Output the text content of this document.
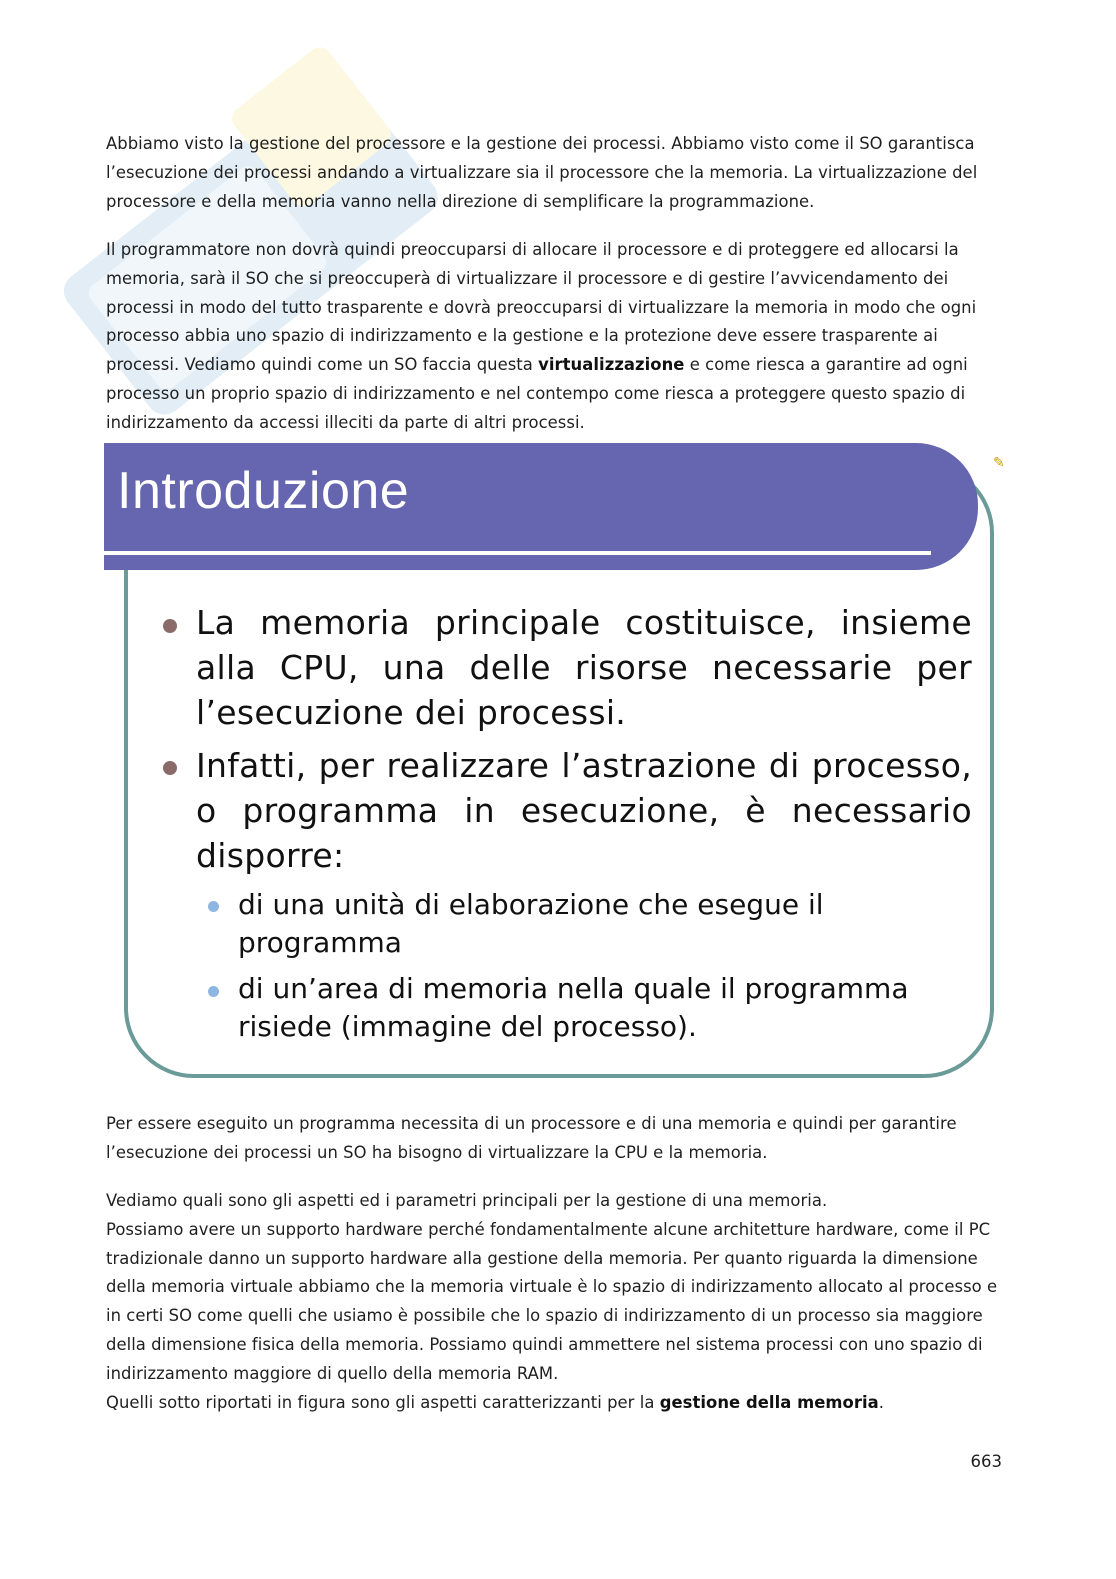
Abbiamo visto la gestione del processore e la gestione dei processi. Abbiamo visto come il SO garantisca l’esecuzione dei processi andando a virtualizzare sia il processore che la memoria. La virtualizzazione del processore e della memoria vanno nella direzione di semplificare la programmazione.

Il programmatore non dovrà quindi preoccuparsi di allocare il processore e di proteggere ed allocarsi la memoria, sarà il SO che si preoccuperà di virtualizzare il processore e di gestire l’avvicendamento dei processi in modo del tutto trasparente e dovrà preoccuparsi di virtualizzare la memoria in modo che ogni processo abbia uno spazio di indirizzamento e la gestione e la protezione deve essere trasparente ai processi. Vediamo quindi come un SO faccia questa virtualizzazione e come riesca a garantire ad ogni processo un proprio spazio di indirizzamento e nel contempo come riesca a proteggere questo spazio di indirizzamento da accessi illeciti da parte di altri processi.

Introduzione	✎
La memoria principale costituisce, insieme alla CPU, una delle risorse necessarie per l’esecuzione dei processi.
Infatti, per realizzare l’astrazione di processo, o programma in esecuzione, è necessario disporre:
di una unità di elaborazione che esegue il programma
di un’area di memoria nella quale il programma risiede (immagine del processo).

Per essere eseguito un programma necessita di un processore e di una memoria e quindi per garantire l’esecuzione dei processi un SO ha bisogno di virtualizzare la CPU e la memoria.

Vediamo quali sono gli aspetti ed i parametri principali per la gestione di una memoria.
Possiamo avere un supporto hardware perché fondamentalmente alcune architetture hardware, come il PC tradizionale danno un supporto hardware alla gestione della memoria. Per quanto riguarda la dimensione della memoria virtuale abbiamo che la memoria virtuale è lo spazio di indirizzamento allocato al processo e in certi SO come quelli che usiamo è possibile che lo spazio di indirizzamento di un processo sia maggiore della dimensione fisica della memoria. Possiamo quindi ammettere nel sistema processi con uno spazio di indirizzamento maggiore di quello della memoria RAM.
Quelli sotto riportati in figura sono gli aspetti caratterizzanti per la gestione della memoria.
663
